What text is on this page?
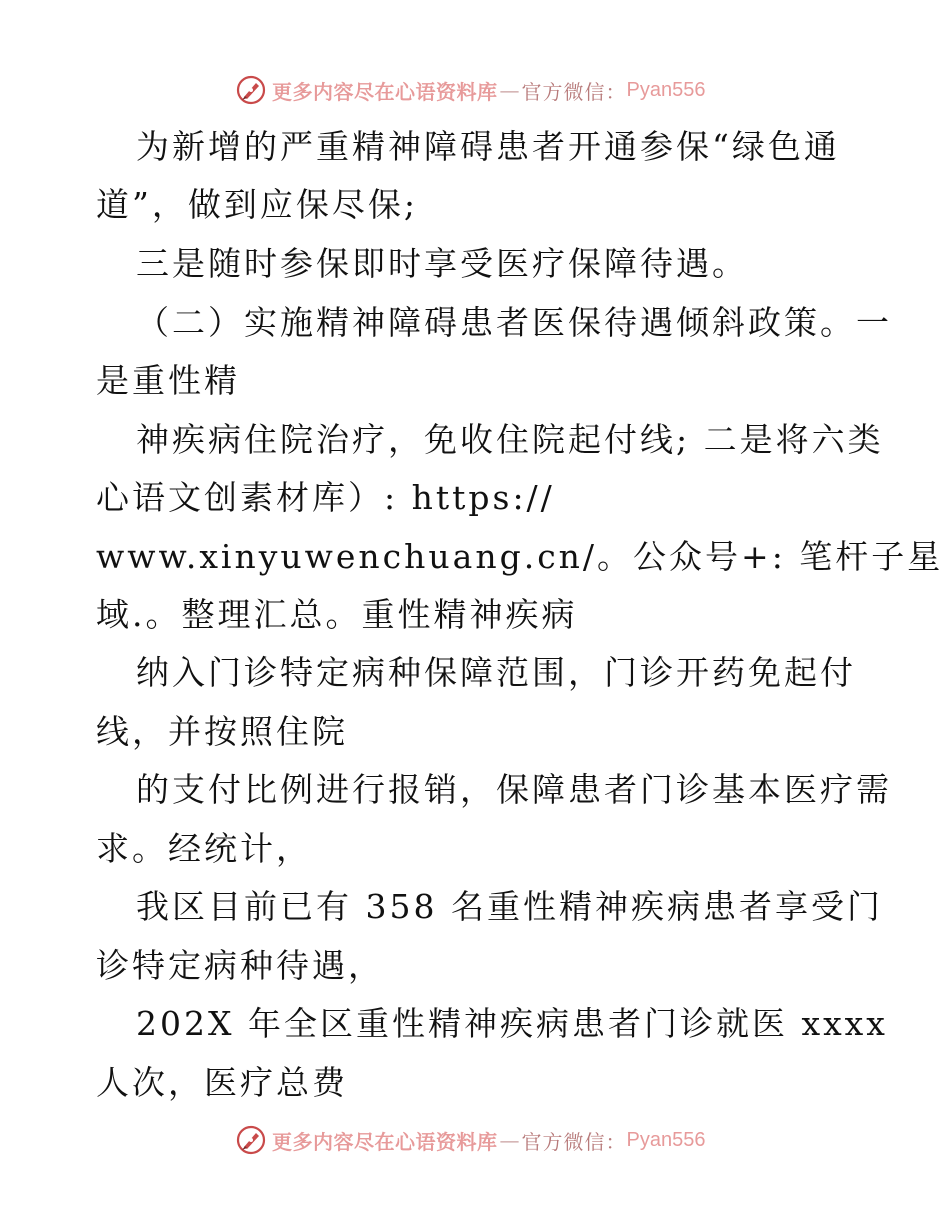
更多内容尽在心语资料库 — 官方微信： Pyan556
为新增的严重精神障碍患者开通参保“绿色通
道”，做到应保尽保;
三是随时参保即时享受医疗保障待遇。
（二）实施精神障碍患者医保待遇倾斜政策。一
是重性精
神疾病住院治疗，免收住院起付线; 二是将六类
心语文创素材库）: https://
www.xinyuwenchuang.cn/。公众号+: 笔杆子星
域.。整理汇总。重性精神疾病
纳入门诊特定病种保障范围，门诊开药免起付
线，并按照住院
的支付比例进行报销，保障患者门诊基本医疗需
求。经统计，
我区目前已有 358 名重性精神疾病患者享受门
诊特定病种待遇，
202X 年全区重性精神疾病患者门诊就医 xxxx
人次，医疗总费
更多内容尽在心语资料库 — 官方微信： Pyan556
